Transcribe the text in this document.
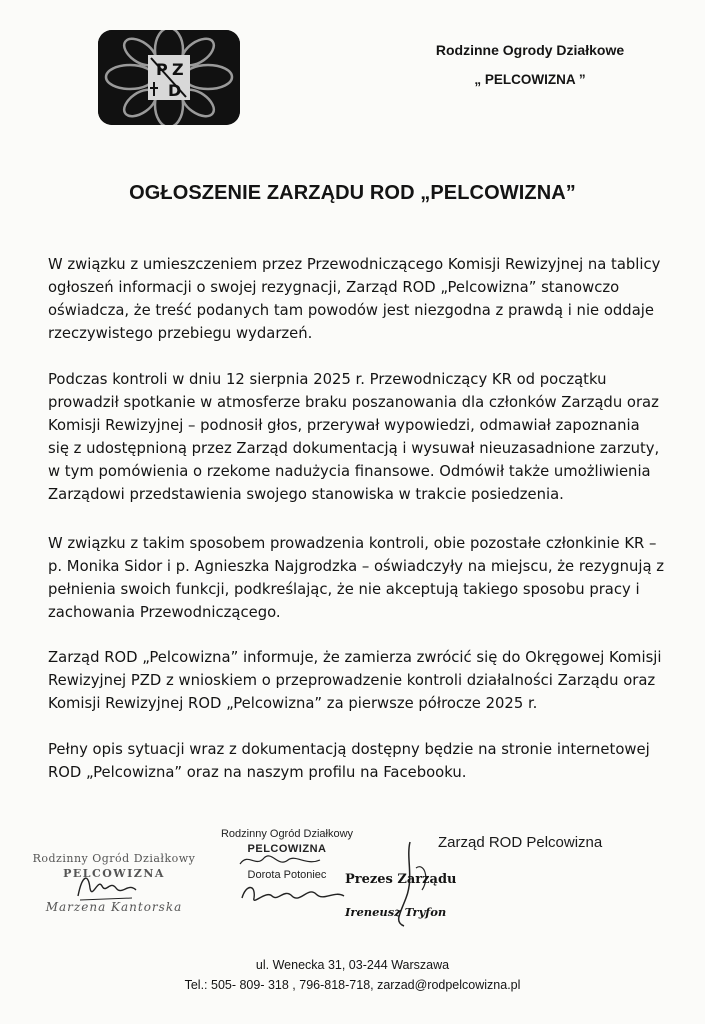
P Z
D
Rodzinne Ogrody Działkowe
„ PELCOWIZNA ”
OGŁOSZENIE ZARZĄDU ROD „PELCOWIZNA”
W związku z umieszczeniem przez Przewodniczącego Komisji Rewizyjnej na tablicy
ogłoszeń informacji o swojej rezygnacji, Zarząd ROD „Pelcowizna” stanowczo
oświadcza, że treść podanych tam powodów jest niezgodna z prawdą i nie oddaje
rzeczywistego przebiegu wydarzeń.
Podczas kontroli w dniu 12 sierpnia 2025 r. Przewodniczący KR od początku
prowadził spotkanie w atmosferze braku poszanowania dla członków Zarządu oraz
Komisji Rewizyjnej – podnosił głos, przerywał wypowiedzi, odmawiał zapoznania
się z udostępnioną przez Zarząd dokumentacją i wysuwał nieuzasadnione zarzuty,
w tym pomówienia o rzekome nadużycia finansowe. Odmówił także umożliwienia
Zarządowi przedstawienia swojego stanowiska w trakcie posiedzenia.
W związku z takim sposobem prowadzenia kontroli, obie pozostałe członkinie KR –
p. Monika Sidor i p. Agnieszka Najgrodzka – oświadczyły na miejscu, że rezygnują z
pełnienia swoich funkcji, podkreślając, że nie akceptują takiego sposobu pracy i
zachowania Przewodniczącego.
Zarząd ROD „Pelcowizna” informuje, że zamierza zwrócić się do Okręgowej Komisji
Rewizyjnej PZD z wnioskiem o przeprowadzenie kontroli działalności Zarządu oraz
Komisji Rewizyjnej ROD „Pelcowizna” za pierwsze półrocze 2025 r.
Pełny opis sytuacji wraz z dokumentacją dostępny będzie na stronie internetowej
ROD „Pelcowizna” oraz na naszym profilu na Facebooku.
Rodzinny Ogród Działkowy
PELCOWIZNA
Marzena Kantorska
Rodzinny Ogród Działkowy
PELCOWIZNA
Dorota Potoniec	Prezes Zarządu
Ireneusz Tryfon
Zarząd ROD Pelcowizna
ul. Wenecka 31, 03-244 Warszawa
Tel.: 505- 809- 318 , 796-818-718, zarzad@rodpelcowizna.pl
